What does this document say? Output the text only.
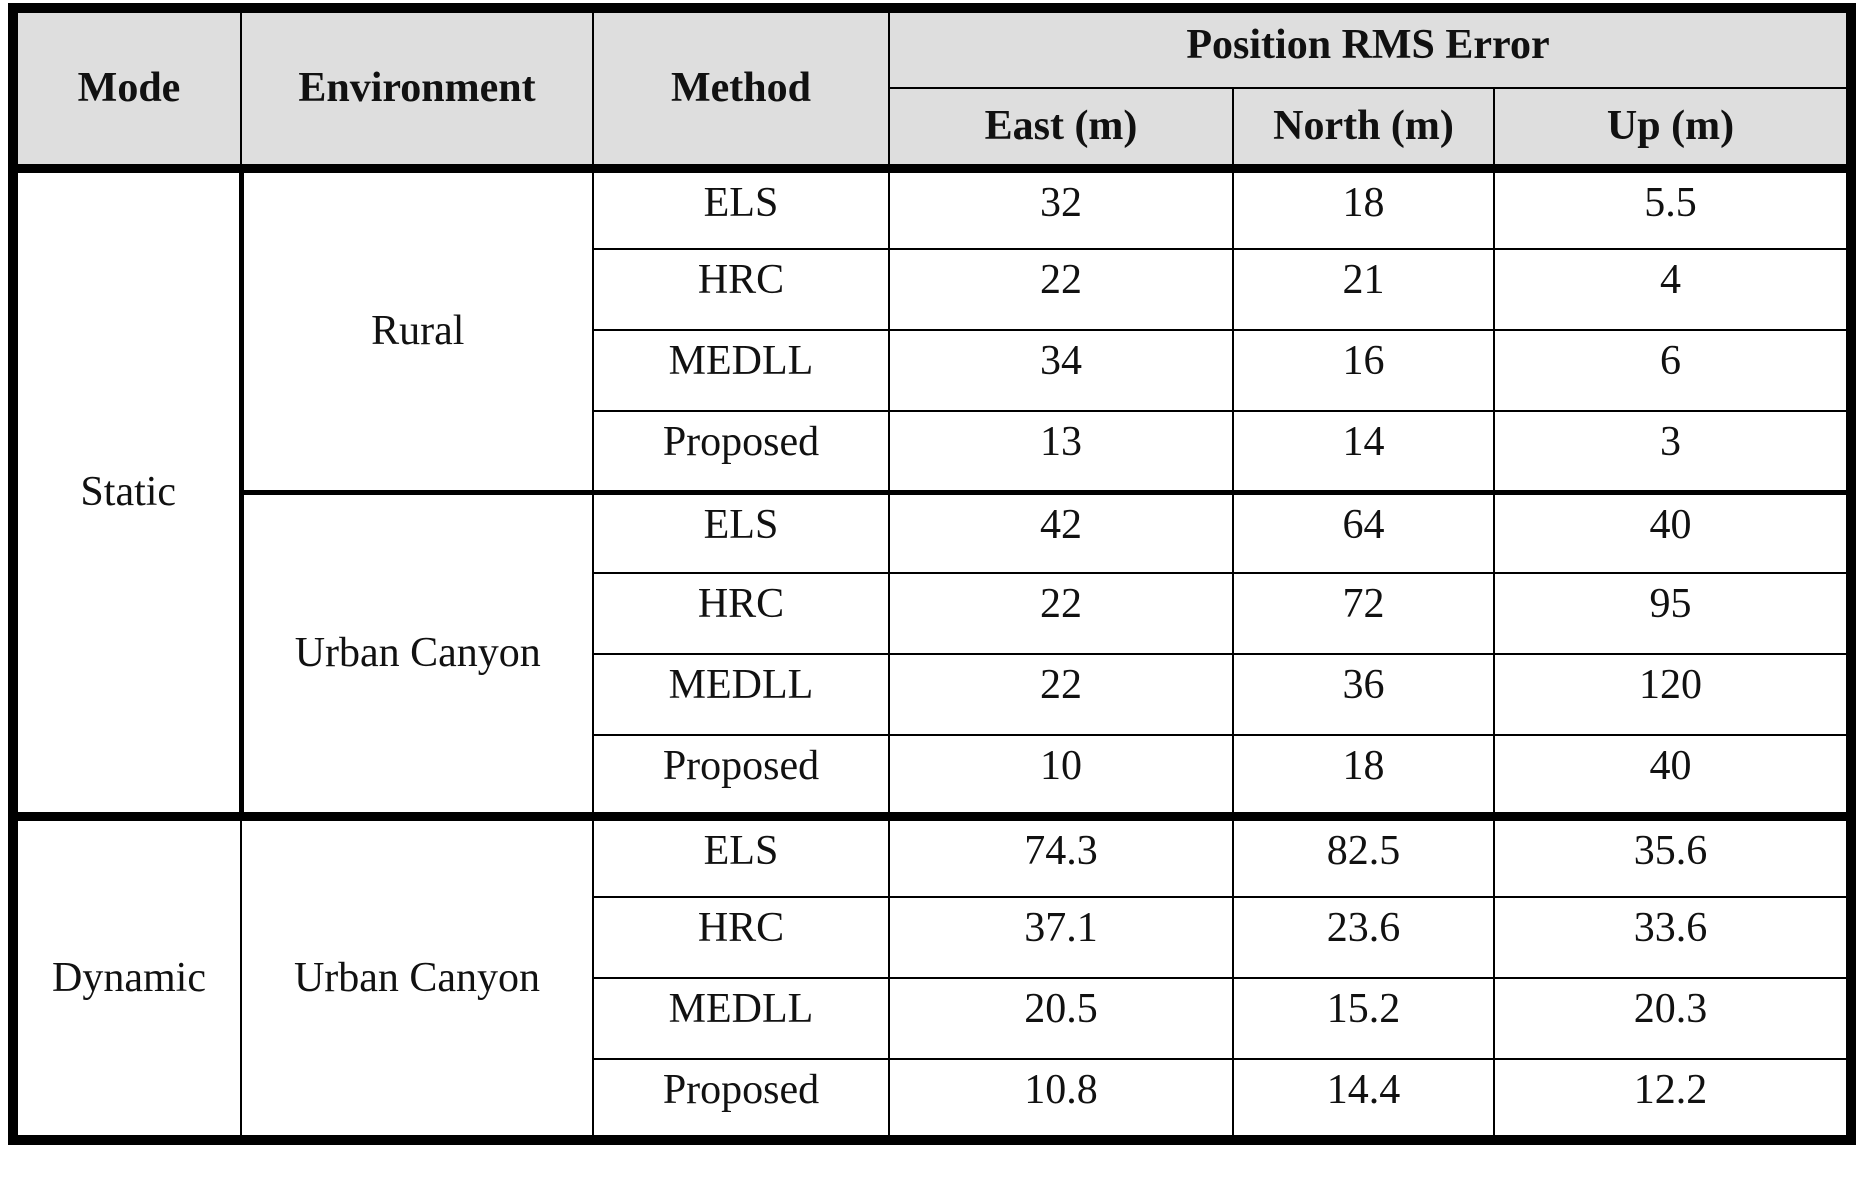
Mode	Environment	Method	Position RMS Error		
			East (m)	North (m)	Up (m)
Static	Rural	ELS	32	18	5.5
		HRC	22	21	4
		MEDLL	34	16	6
		Proposed	13	14	3
	Urban Canyon	ELS	42	64	40
		HRC	22	72	95
		MEDLL	22	36	120
		Proposed	10	18	40
Dynamic	Urban Canyon	ELS	74.3	82.5	35.6
		HRC	37.1	23.6	33.6
		MEDLL	20.5	15.2	20.3
		Proposed	10.8	14.4	12.2
